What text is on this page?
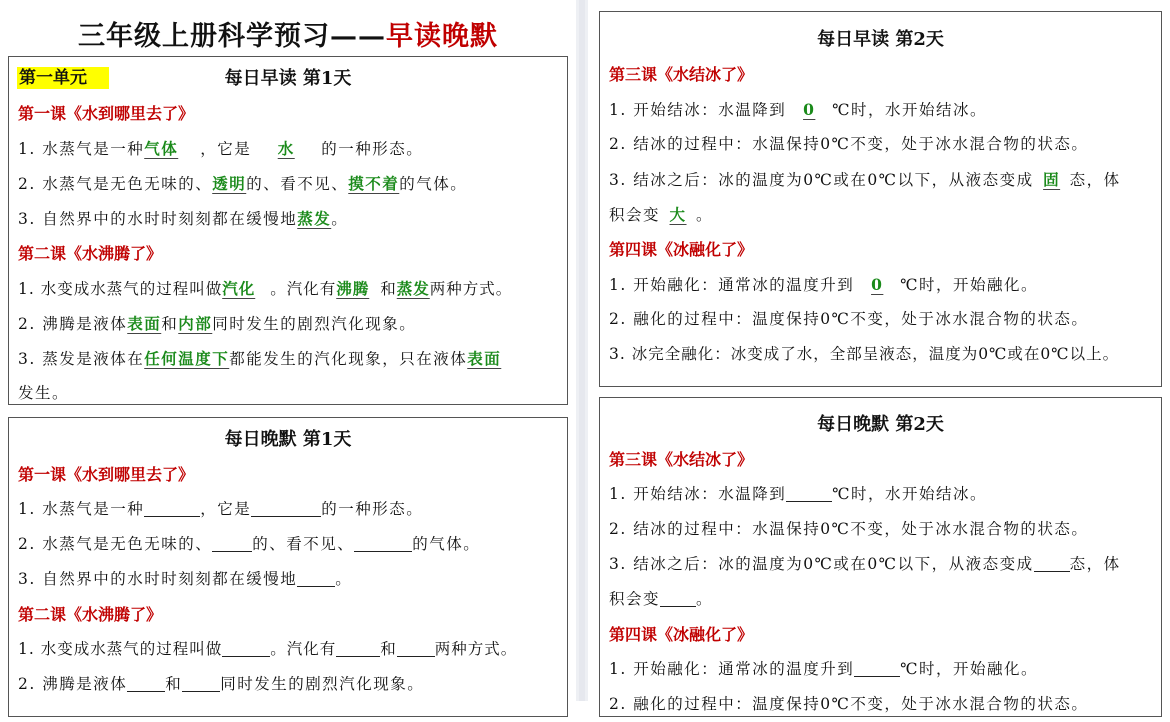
三年级上册科学预习——早读晚默
第一单元	每日早读 第1天
第一课《水到哪里去了》
1. 水蒸气是一种气体 ，它是 水 的一种形态。
2. 水蒸气是无色无味的、透明的、看不见、摸不着的气体。
3. 自然界中的水时时刻刻都在缓慢地蒸发。
第二课《水沸腾了》
1. 水变成水蒸气的过程叫做汽化 。汽化有沸腾 和蒸发两种方式。
2. 沸腾是液体表面和内部同时发生的剧烈汽化现象。
3. 蒸发是液体在任何温度下都能发生的汽化现象，只在液体表面
发生。
每日晚默 第1天
第一课《水到哪里去了》
1. 水蒸气是一种	，它是	的一种形态。
2. 水蒸气是无色无味的、	的、看不见、	的气体。
3. 自然界中的水时时刻刻都在缓慢地 。
第二课《水沸腾了》
1. 水变成水蒸气的过程叫做	。汽化有	和 两种方式。
2. 沸腾是液体 和 同时发生的剧烈汽化现象。
每日早读 第2天
第三课《水结冰了》
1. 开始结冰：水温降到 0 ℃时，水开始结冰。
2. 结冰的过程中：水温保持0℃不变，处于冰水混合物的状态。
3. 结冰之后：冰的温度为0℃或在0℃以下，从液态变成 固 态，体
积会变 大 。
第四课《冰融化了》
1. 开始融化：通常冰的温度升到 0 ℃时，开始融化。
2. 融化的过程中：温度保持0℃不变，处于冰水混合物的状态。
3. 冰完全融化：冰变成了水，全部呈液态，温度为0℃或在0℃以上。
每日晚默 第2天
第三课《水结冰了》
1. 开始结冰：水温降到	℃时，水开始结冰。
2. 结冰的过程中：水温保持0℃不变，处于冰水混合物的状态。
3. 结冰之后：冰的温度为0℃或在0℃以下，从液态变成 态，体
积会变 。
第四课《冰融化了》
1. 开始融化：通常冰的温度升到	℃时，开始融化。
2. 融化的过程中：温度保持0℃不变，处于冰水混合物的状态。
